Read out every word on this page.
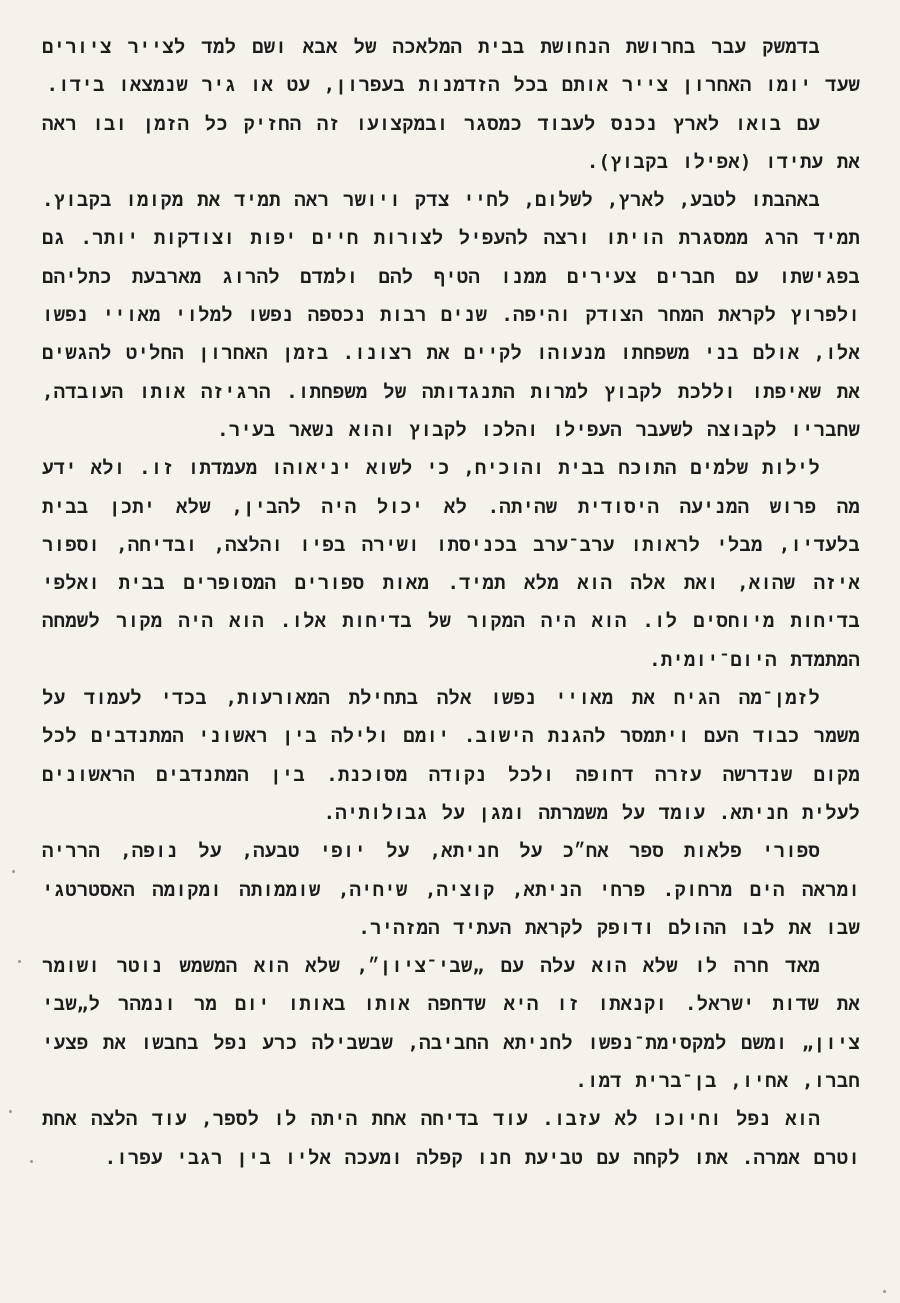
בדמשק עבר בחרושת הנחושת בבית המלאכה של אבא ושם למד לצייר ציורים שעד יומו האחרון צייר אותם בכל הזדמנות בעפרון, עט או גיר שנמצאו בידו.

עם בואו לארץ נכנס לעבוד כמסגר ובמקצועו זה החזיק כל הזמן ובו ראה את עתידו (אפילו בקבוץ).

באהבתו לטבע, לארץ, לשלום, לחיי צדק ויושר ראה תמיד את מקומו בקבוץ. תמיד הרג ממסגרת הויתו ורצה להעפיל לצורות חיים יפות וצודקות יותר. גם בפגישתו עם חברים צעירים ממנו הטיף להם ולמדם להרוג מארבעת כתליהם ולפרוץ לקראת המחר הצודק והיפה. שנים רבות נכספה נפשו למלוי מאויי נפשו אלו, אולם בני משפחתו מנעוהו לקיים את רצונו. בזמן האחרון החליט להגשים את שאיפתו וללכת לקבוץ למרות התנגדותה של משפחתו. הרגיזה אותו העובדה, שחבריו לקבוצה לשעבר העפילו והלכו לקבוץ והוא נשאר בעיר.

לילות שלמים התוכח בבית והוכיח, כי לשוא יניאוהו מעמדתו זו. ולא ידע מה פרוש המניעה היסודית שהיתה. לא יכול היה להבין, שלא יתכן בבית בלעדיו, מבלי לראותו ערב־ערב בכניסתו ושירה בפיו והלצה, ובדיחה, וספור איזה שהוא, ואת אלה הוא מלא תמיד. מאות ספורים המסופרים בבית ואלפי בדיחות מיוחסים לו. הוא היה המקור של בדיחות אלו. הוא היה מקור לשמחה המתמדת היום־יומית.

לזמן־מה הגיח את מאויי נפשו אלה בתחילת המאורעות, בכדי לעמוד על משמר כבוד העם ויתמסר להגנת הישוב. יומם ולילה בין ראשוני המתנדבים לכל מקום שנדרשה עזרה דחופה ולכל נקודה מסוכנת. בין המתנדבים הראשונים לעלית חניתא. עומד על משמרתה ומגן על גבולותיה.

ספורי פלאות ספר אח״כ על חניתא, על יופי טבעה, על נופה, הרריה ומראה הים מרחוק. פרחי הניתא, קוציה, שיחיה, שוממותה ומקומה האסטרטגי שבו את לבו ההולם ודופק לקראת העתיד המזהיר.

מאד חרה לו שלא הוא עלה עם „שבי־ציון״, שלא הוא המשמש נוטר ושומר את שדות ישראל. וקנאתו זו היא שדחפה אותו באותו יום מר ונמהר ל„שבי ציון„ ומשם למקסימת־נפשו לחניתא החביבה, שבשבילה כרע נפל בחבשו את פצעי חברו, אחיו, בן־ברית דמו.

הוא נפל וחיוכו לא עזבו. עוד בדיחה אחת היתה לו לספר, עוד הלצה אחת וטרם אמרה. אתו לקחה עם טביעת חנו קפלה ומעכה אליו בין רגבי עפרו.
